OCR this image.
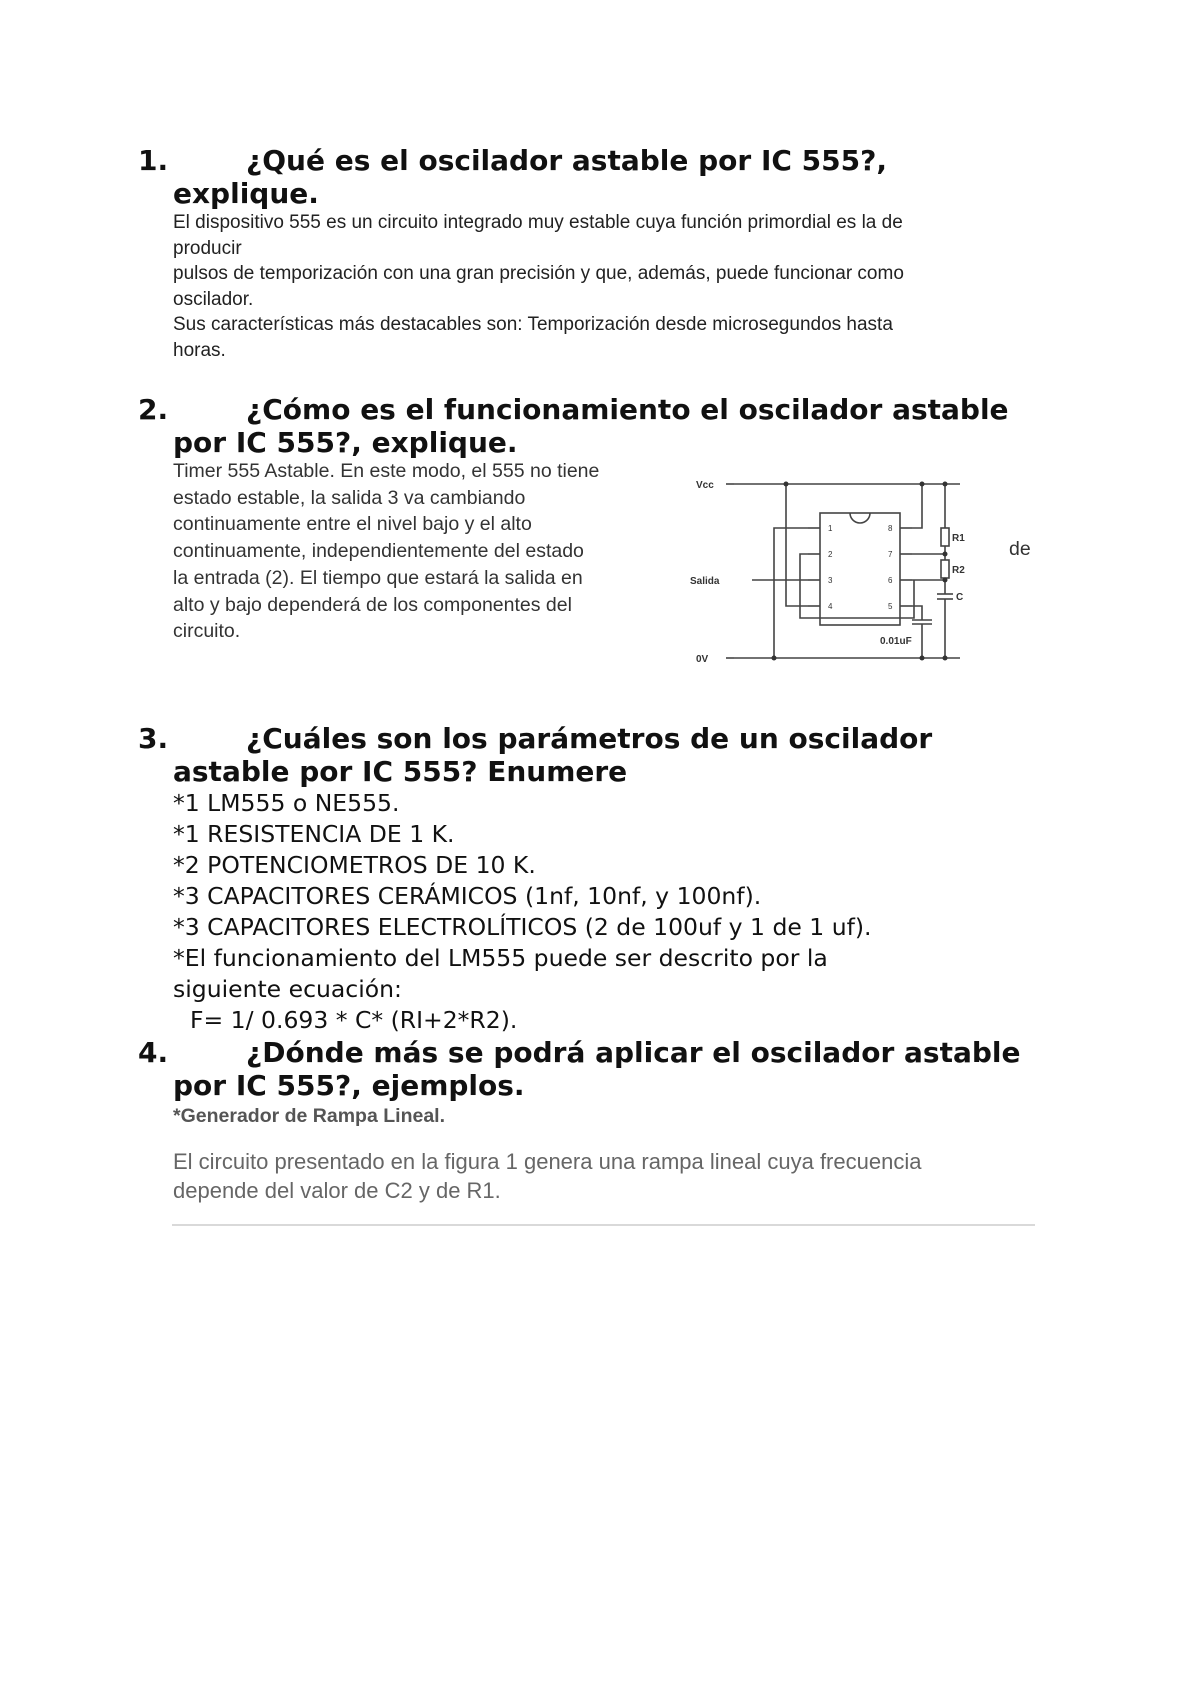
1.	¿Qué es el oscilador astable por IC 555?,
explique.
El dispositivo 555 es un circuito integrado muy estable cuya función primordial es la de
producir
pulsos de temporización con una gran precisión y que, además, puede funcionar como
oscilador.
Sus características más destacables son: Temporización desde microsegundos hasta
horas.
2.	¿Cómo es el funcionamiento el oscilador astable
por IC 555?, explique.
Timer 555 Astable. En este modo, el 555 no tiene
estado estable, la salida 3 va cambiando
continuamente entre el nivel bajo y el alto
continuamente, independientemente del estado
la entrada (2). El tiempo que estará la salida en
alto y bajo dependerá de los componentes del
circuito.
de
Vcc
Salida
0V
R1
R2
C
0.01uF
1
2
3
4
8
7
6
5
3.	¿Cuáles son los parámetros de un oscilador
astable por IC 555? Enumere
*1 LM555 o NE555.
*1 RESISTENCIA DE 1 K.
*2 POTENCIOMETROS DE 10 K.
*3 CAPACITORES CERÁMICOS (1nf, 10nf, y 100nf).
*3 CAPACITORES ELECTROLÍTICOS (2 de 100uf y 1 de 1 uf).
*El funcionamiento del LM555 puede ser descrito por la
siguiente ecuación:
F= 1/ 0.693 * C* (RI+2*R2).
4.	¿Dónde más se podrá aplicar el oscilador astable
por IC 555?, ejemplos.
*Generador de Rampa Lineal.
El circuito presentado en la figura 1 genera una rampa lineal cuya frecuencia
depende del valor de C2 y de R1.
